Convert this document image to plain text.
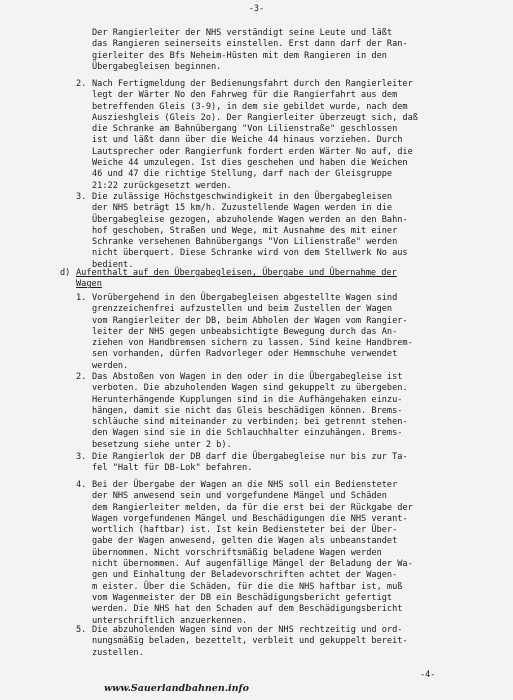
-3-
Der Rangierleiter der NHS verständigt seine Leute und läßt
das Rangieren seinerseits einstellen. Erst dann darf der Ran-
gierleiter des Bfs Neheim-Hüsten mit dem Rangieren in den
Übergabegleisen beginnen.
2. Nach Fertigmeldung der Bedienungsfahrt durch den Rangierleiter
legt der Wärter No den Fahrweg für die Rangierfahrt aus dem
betreffenden Gleis (3-9), in dem sie gebildet wurde, nach dem
Auszieshgleis (Gleis 2o). Der Rangierleiter überzeugt sich, daß
die Schranke am Bahnübergang "Von Lilienstraße" geschlossen
ist und läßt dann über die Weiche 44 hinaus vorziehen. Durch
Lautsprecher oder Rangierfunk fordert erden Wärter No auf, die
Weiche 44 umzulegen. Ist dies geschehen und haben die Weichen
46 und 47 die richtige Stellung, darf nach der Gleisgruppe
21:22 zurückgesetzt werden.
3. Die zulässige Höchstgeschwindigkeit in den Übergabegleisen
der NHS beträgt 15 km/h. Zuzustellende Wagen werden in die
Übergabegleise gezogen, abzuholende Wagen werden an den Bahn-
hof geschoben, Straßen und Wege, mit Ausnahme des mit einer
Schranke versehenen Bahnübergangs "Von Lilienstraße" werden
nicht überquert. Diese Schranke wird von dem Stellwerk No aus
bedient.
d) Aufenthalt auf den Übergabegleisen, Übergabe und Übernahme der
Wagen
1. Vorübergehend in den Übergabegleisen abgestellte Wagen sind
grenzzeichenfrei aufzustellen und beim Zustellen der Wagen
vom Rangierleiter der DB, beim Abholen der Wagen vom Rangier-
leiter der NHS gegen unbeabsichtigte Bewegung durch das An-
ziehen von Handbremsen sichern zu lassen. Sind keine Handbrem-
sen vorhanden, dürfen Radvorleger oder Hemmschuhe verwendet
werden.
2. Das Abstoßen von Wagen in den oder in die Übergabegleise ist
verboten. Die abzuholenden Wagen sind gekuppelt zu übergeben.
Herunterhängende Kupplungen sind in die Aufhängehaken einzu-
hängen, damit sie nicht das Gleis beschädigen können. Brems-
schläuche sind miteinander zu verbinden; bei getrennt stehen-
den Wagen sind sie in die Schlauchhalter einzuhängen. Brems-
besetzung siehe unter 2 b).
3. Die Rangierlok der DB darf die Übergabegleise nur bis zur Ta-
fel "Halt für DB-Lok" befahren.
4. Bei der Übergabe der Wagen an die NHS soll ein Bediensteter
der NHS anwesend sein und vorgefundene Mängel und Schäden
dem Rangierleiter melden, da für die erst bei der Rückgabe der
Wagen vorgefundenen Mängel und Beschädigungen die NHS verant-
wortlich (haftbar) ist. Ist kein Bediensteter bei der Über-
gabe der Wagen anwesend, gelten die Wagen als unbeanstandet
übernommen. Nicht vorschriftsmäßig beladene Wagen werden
nicht übernommen. Auf augenfällige Mängel der Beladung der Wa-
gen und Einhaltung der Beladevorschriften achtet der Wagen-
m eister. Über die Schäden, für die die NHS haftbar ist, muß
vom Wagenmeister der DB ein Beschädigungsbericht gefertigt
werden. Die NHS hat den Schaden auf dem Beschädigungsbericht
unterschriftlich anzuerkennen.
5. Die abzuholenden Wagen sind von der NHS rechtzeitig und ord-
nungsmäßig beladen, bezettelt, verbleit und gekuppelt bereit-
zustellen.
-4-
www.Sauerlandbahnen.info
